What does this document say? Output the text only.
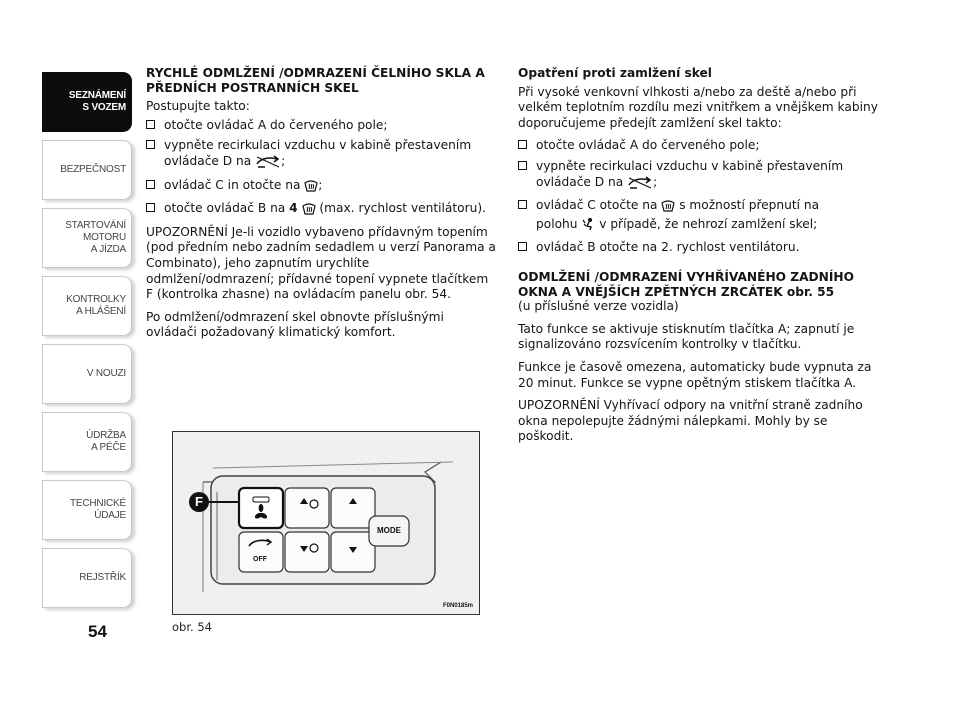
SEZNÁMENÍ
S VOZEM
BEZPEČNOST
STARTOVÁNÍ
MOTORU
A JÍZDA
KONTROLKY
A HLÁŠENÍ
V NOUZI
ÚDRŽBA
A PÉČE
TECHNICKÉ
ÚDAJE
REJSTŘÍK
54
RYCHLÉ ODMLŽENÍ /ODMRAZENÍ ČELNÍHO SKLA A PŘEDNÍCH POSTRANNÍCH SKEL
Postupujte takto:
otočte ovládač A do červeného pole;
vypněte recirkulaci vzduchu v kabině přestavením
ovládače D na ;
ovládač C in otočte na ;
otočte ovládač B na 4 (max. rychlost ventilátoru).
UPOZORNĚNÍ Je-li vozidlo vybaveno přídavným topením (pod předním nebo zadním sedadlem u verzí Panorama a Combinato), jeho zapnutím urychlíte odmlžení/odmrazení; přídavné topení vypnete tlačítkem F (kontrolka zhasne) na ovládacím panelu obr. 54.
Po odmlžení/odmrazení skel obnovte příslušnými ovládači požadovaný klimatický komfort.
Opatření proti zamlžení skel
Při vysoké venkovní vlhkosti a/nebo za deště a/nebo při velkém teplotním rozdílu mezi vnitřkem a vnějškem kabiny doporučujeme předejít zamlžení skel takto:
otočte ovládač A do červeného pole;
vypněte recirkulaci vzduchu v kabině přestavením
ovládače D na ;
ovládač C otočte na s možností přepnutí na
polohu v případě, že nehrozí zamlžení skel;
ovládač B otočte na 2. rychlost ventilátoru.
ODMLŽENÍ /ODMRAZENÍ VYHŘÍVANÉHO ZADNÍHO OKNA A VNĚJŠÍCH ZPĚTNÝCH ZRCÁTEK obr. 55
(u příslušné verze vozidla)
Tato funkce se aktivuje stisknutím tlačítka A; zapnutí je signalizováno rozsvícením kontrolky v tlačítku.
Funkce je časově omezena, automaticky bude vypnuta za 20 minut. Funkce se vypne opětným stiskem tlačítka A.
UPOZORNĚNÍ Vyhřívací odpory na vnitřní straně zadního okna nepolepujte žádnými nálepkami. Mohly by se poškodit.
F
MODE
OFF
F0N0185m
obr. 54
